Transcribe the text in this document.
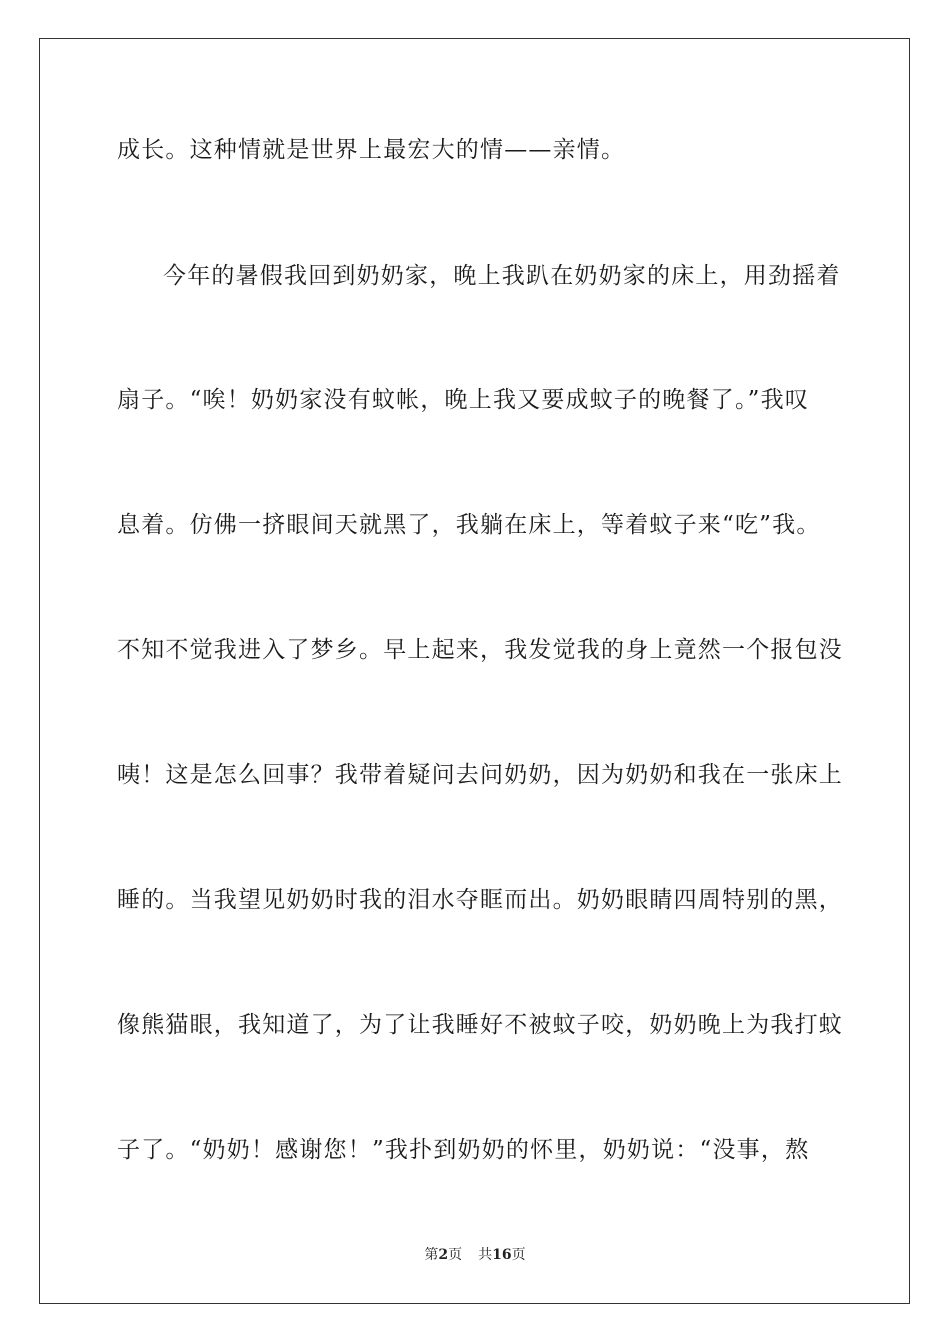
成长。这种情就是世界上最宏大的情——亲情。
今年的暑假我回到奶奶家，晚上我趴在奶奶家的床上，用劲摇着
扇子。“唉！奶奶家没有蚊帐，晚上我又要成蚊子的晚餐了。”我叹
息着。仿佛一挤眼间天就黑了，我躺在床上，等着蚊子来“吃”我。
不知不觉我进入了梦乡。早上起来，我发觉我的身上竟然一个报包没
咦！这是怎么回事？我带着疑问去问奶奶，因为奶奶和我在一张床上
睡的。当我望见奶奶时我的泪水夺眶而出。奶奶眼睛四周特别的黑，
像熊猫眼，我知道了，为了让我睡好不被蚊子咬，奶奶晚上为我打蚊
子了。“奶奶！感谢您！”我扑到奶奶的怀里，奶奶说：“没事，熬
第2页 共16页
